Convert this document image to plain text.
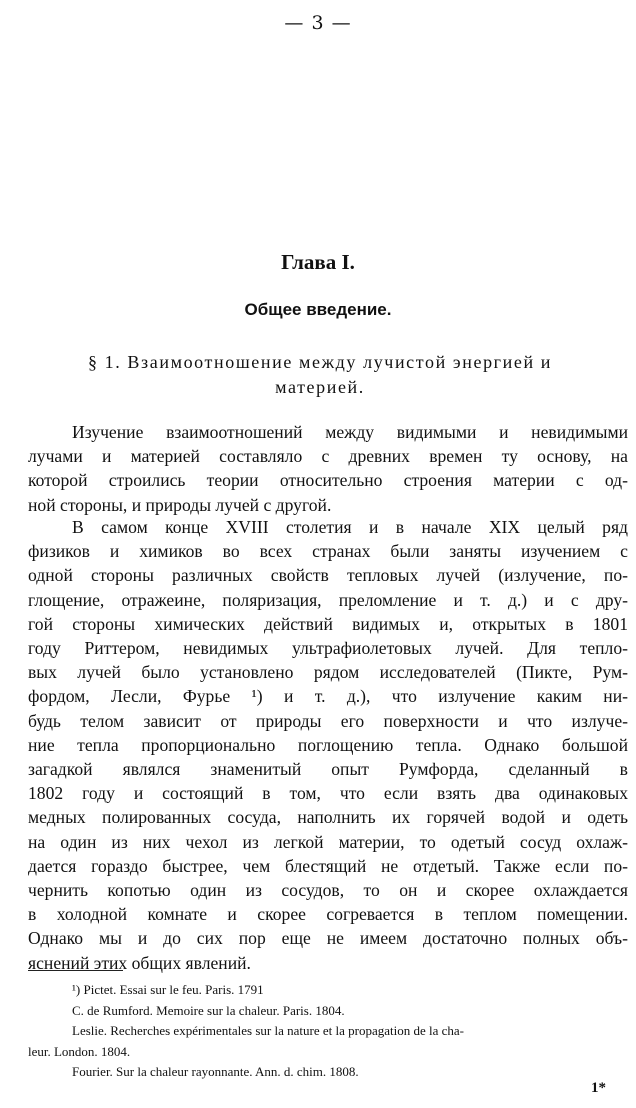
— 3 —
Глава I.
Общее введение.
§ 1. Взаимоотношение между лучистой энергией и
материей.
Изучение взаимоотношений между видимыми и невидимыми
лучами и материей составляло с древних времен ту основу, на
которой строились теории относительно строения материи с од-
ной стороны, и природы лучей с другой.
В самом конце XVIII столетия и в начале XIX целый ряд
физиков и химиков во всех странах были заняты изучением с
одной стороны различных свойств тепловых лучей (излучение, по-
глощение, отражеине, поляризация, преломление и т. д.) и с дру-
гой стороны химических действий видимых и, открытых в 1801
году Риттером, невидимых ультрафиолетовых лучей. Для тепло-
вых лучей было установлено рядом исследователей (Пикте, Рум-
фордом, Лесли, Фурье ¹) и т. д.), что излучение каким ни-
будь телом зависит от природы его поверхности и что излуче-
ние тепла пропорционально поглощению тепла. Однако большой
загадкой являлся знаменитый опыт Румфорда, сделанный в
1802 году и состоящий в том, что если взять два одинаковых
медных полированных сосуда, наполнить их горячей водой и одеть
на один из них чехол из легкой материи, то одетый сосуд охлаж-
дается гораздо быстрее, чем блестящий не отдетый. Также если по-
чернить копотью один из сосудов, то он и скорее охлаждается
в холодной комнате и скорее согревается в теплом помещении.
Однако мы и до сих пор еще не имеем достаточно полных объ-
яснений этих общих явлений.
¹) Pictet. Essai sur le feu. Paris. 1791
C. de Rumford. Memoire sur la chaleur. Paris. 1804.
Leslie. Recherches expérimentales sur la nature et la propagation de la cha-
leur. London. 1804.
Fourier. Sur la chaleur rayonnante. Ann. d. chim. 1808.
1*
